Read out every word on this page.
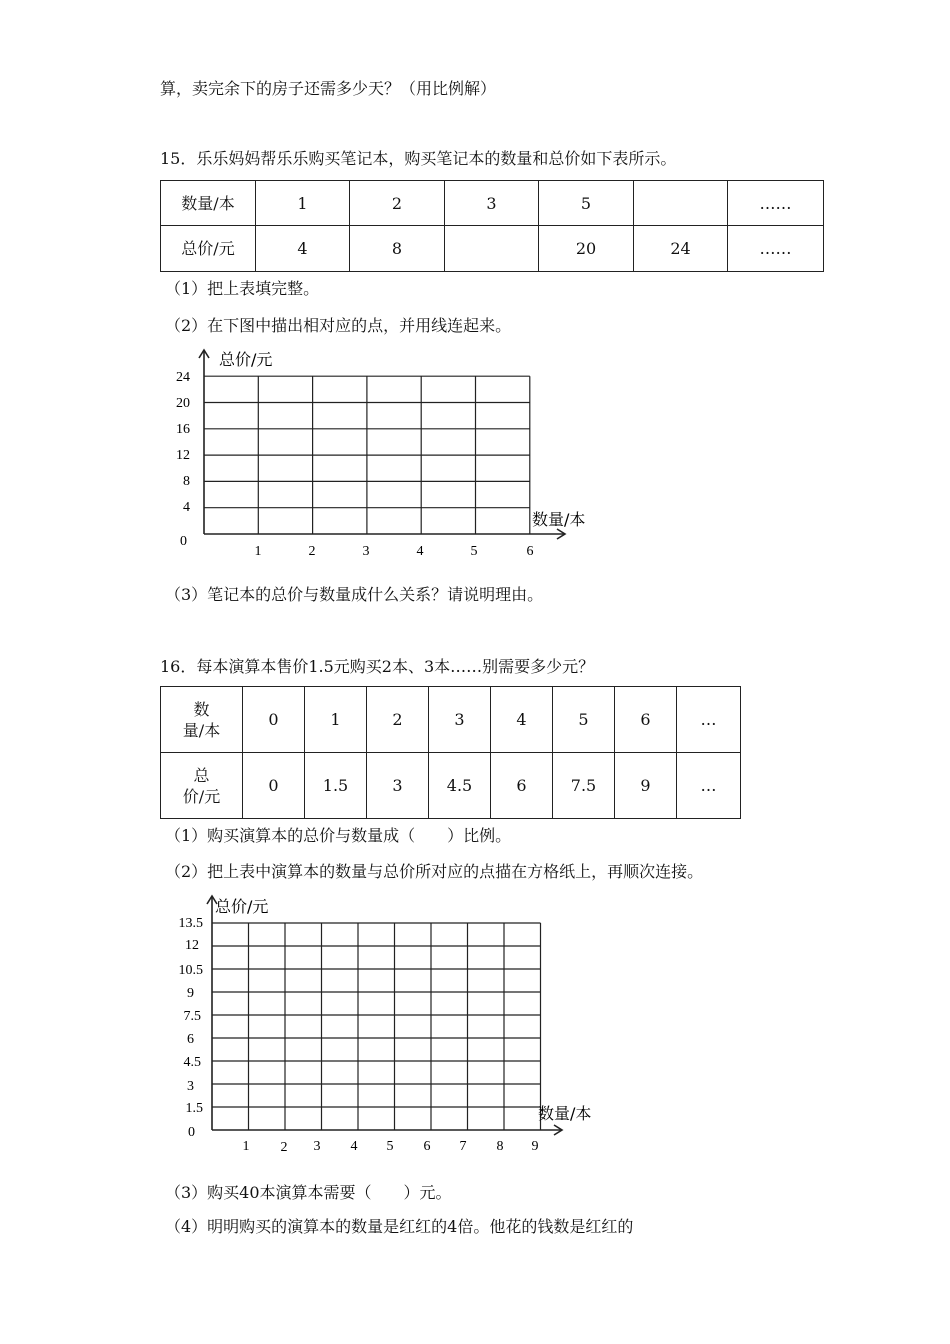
算，卖完余下的房子还需多少天？（用比例解）
15．乐乐妈妈帮乐乐购买笔记本，购买笔记本的数量和总价如下表所示。
数量/本	1	2	3	5		……
总价/元	4	8		20	24	……
（1）把上表填完整。
（2）在下图中描出相对应的点，并用线连起来。
总价/元
数量/本
0
24
20
16
12
8
4
1	2	3	4	5	6
（3）笔记本的总价与数量成什么关系？请说明理由。
16．每本演算本售价1.5元购买2本、3本……别需要多少元？
数
量/本	0	1	2	3	4	5	6	…
总
价/元	0	1.5	3	4.5	6	7.5	9	…
（1）购买演算本的总价与数量成（　　）比例。
（2）把上表中演算本的数量与总价所对应的点描在方格纸上，再顺次连接。
总价/元
数量/本
0
13.5
12
10.5
9
7.5
6
4.5
3
1.5
1 2 3 4 5 6 7 8 9
（3）购买40本演算本需要（　　）元。
（4）明明购买的演算本的数量是红红的4倍。他花的钱数是红红的
